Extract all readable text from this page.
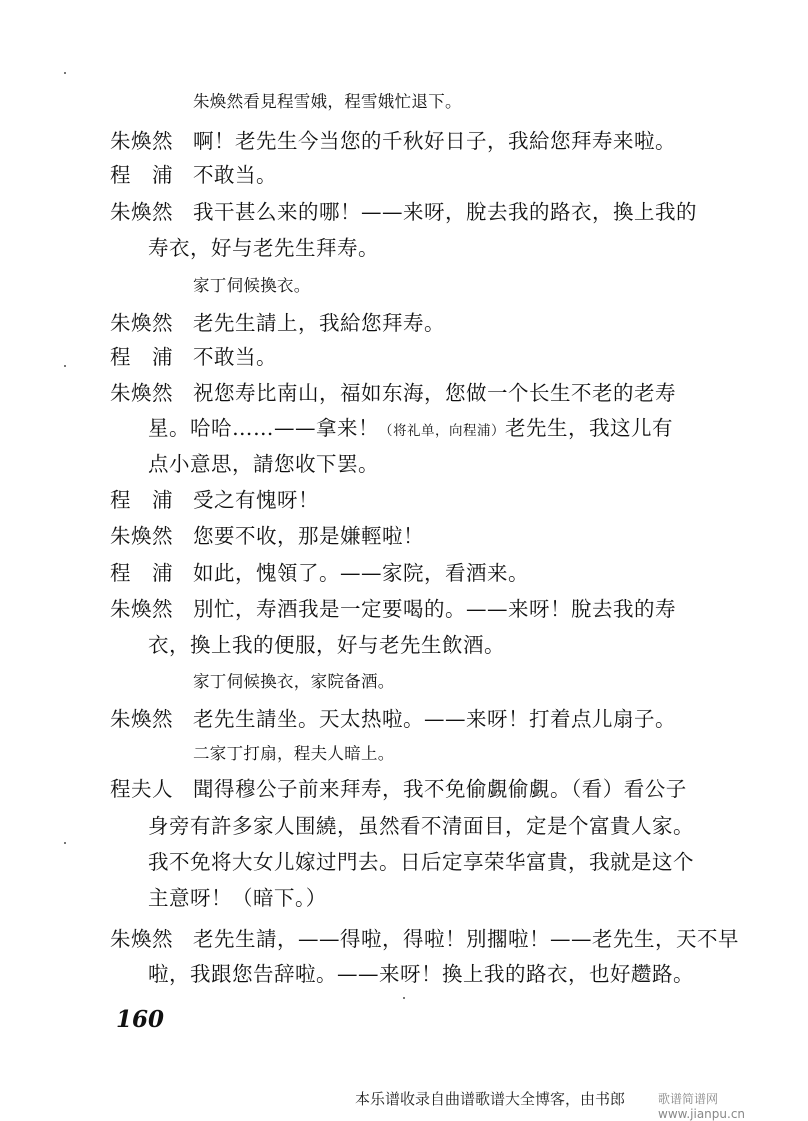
朱煥然看見程雪娥，程雪娥忙退下。
朱煥然 啊！老先生今当您的千秋好日子，我給您拜寿来啦。
程　浦 不敢当。
朱煥然 我干甚么来的哪！——来呀，脫去我的路衣，換上我的
寿衣，好与老先生拜寿。
家丁伺候換衣。
朱煥然 老先生請上，我給您拜寿。
程　浦 不敢当。
朱煥然 祝您寿比南山，福如东海，您做一个长生不老的老寿
星。哈哈……——拿来！（将礼单，向程浦）老先生，我这儿有
点小意思，請您收下罢。
程　浦 受之有愧呀！
朱煥然 您要不收，那是嫌輕啦！
程　浦 如此，愧領了。——家院，看酒来。
朱煥然 別忙，寿酒我是一定要喝的。——来呀！脫去我的寿
衣，換上我的便服，好与老先生飲酒。
家丁伺候換衣，家院备酒。
朱煥然 老先生請坐。天太热啦。——来呀！打着点儿扇子。
二家丁打扇，程夫人暗上。
程夫人 聞得穆公子前来拜寿，我不免偷覷偷覷。（看）看公子
身旁有許多家人围繞，虽然看不清面目，定是个富貴人家。
我不免将大女儿嫁过門去。日后定享荣华富貴，我就是这个
主意呀！（暗下。）
朱煥然 老先生請，——得啦，得啦！別擱啦！——老先生，天不早
啦，我跟您告辞啦。——来呀！換上我的路衣，也好趱路。
160
本乐谱收录自曲谱歌谱大全博客，由书郎	歌谱简谱网 www.jianpu.cn
